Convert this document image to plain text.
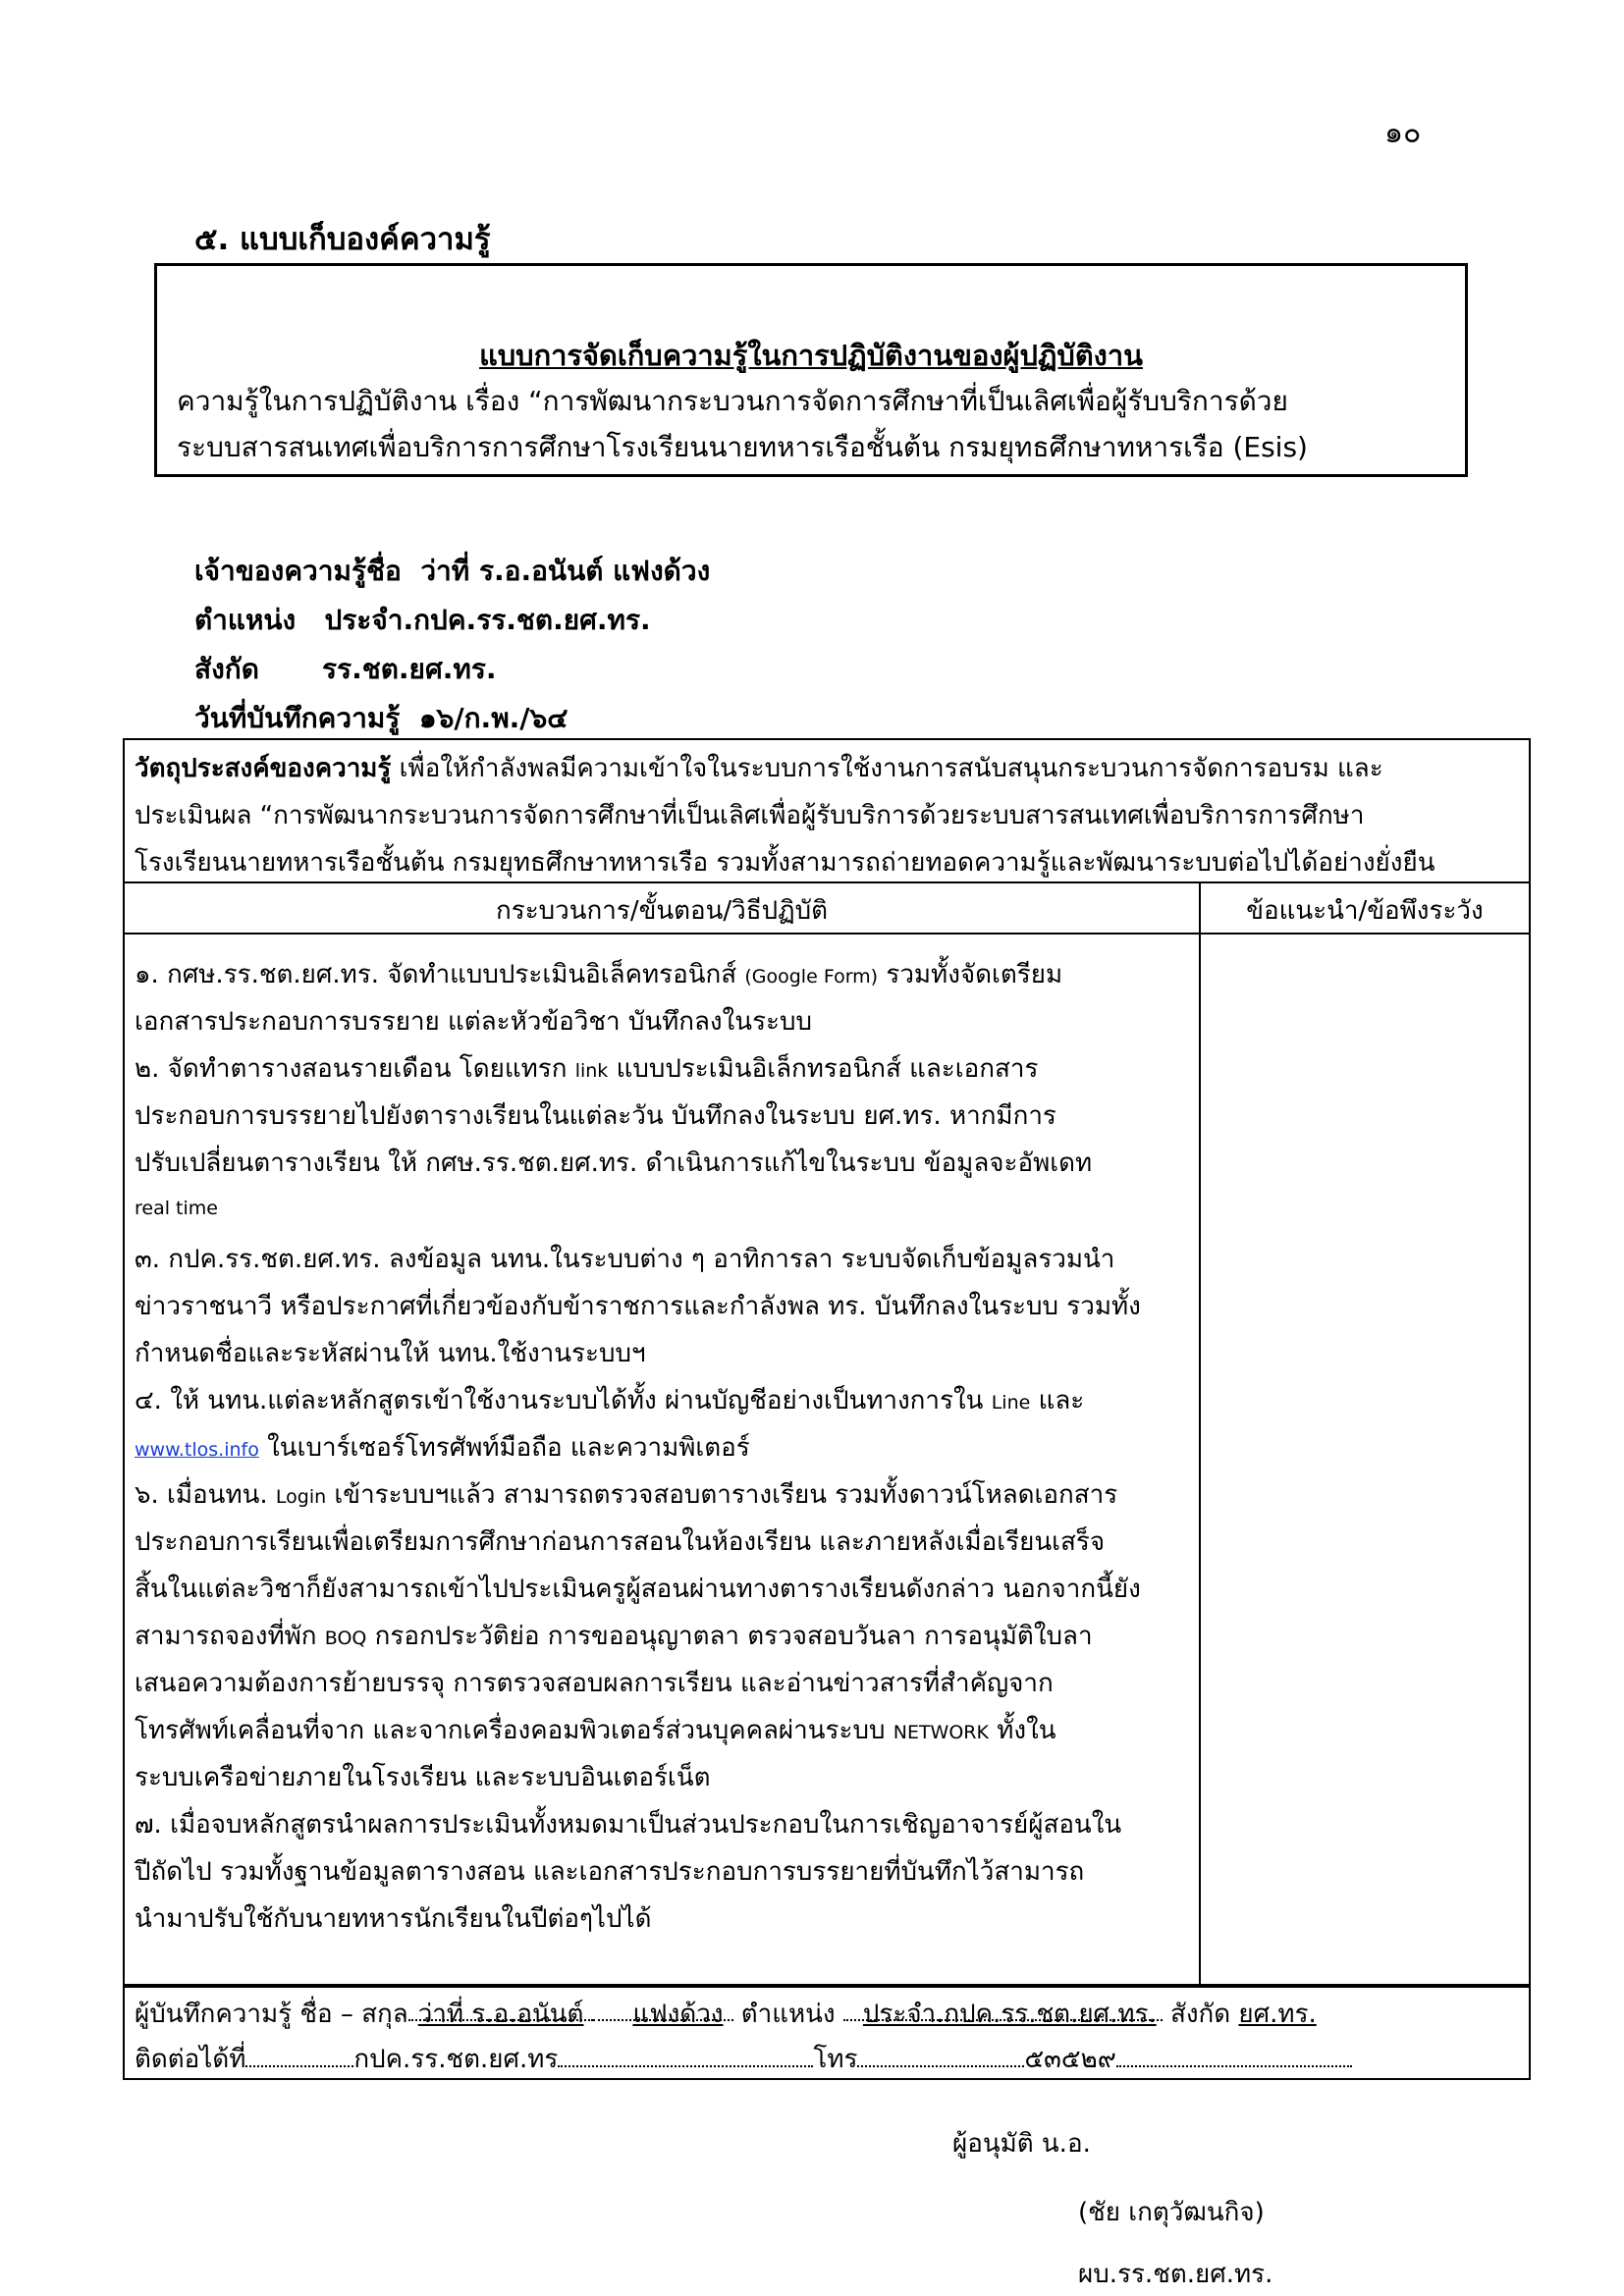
๑๐
๕. แบบเก็บองค์ความรู้
แบบการจัดเก็บความรู้ในการปฏิบัติงานของผู้ปฏิบัติงาน
ความรู้ในการปฏิบัติงาน เรื่อง “การพัฒนากระบวนการจัดการศึกษาที่เป็นเลิศเพื่อผู้รับบริการด้วย
ระบบสารสนเทศเพื่อบริการการศึกษาโรงเรียนนายทหารเรือชั้นต้น กรมยุทธศึกษาทหารเรือ (Esis)
เจ้าของความรู้ชื่อ ว่าที่ ร.อ.อนันต์ แฟงด้วง
ตำแหน่ง ประจำ.กปค.รร.ชต.ยศ.ทร.
สังกัด รร.ชต.ยศ.ทร.
วันที่บันทึกความรู้ ๑๖/ก.พ./๖๔
วัตถุประสงค์ของความรู้ เพื่อให้กำลังพลมีความเข้าใจในระบบการใช้งานการสนับสนุนกระบวนการจัดการอบรม และ
ประเมินผล “การพัฒนากระบวนการจัดการศึกษาที่เป็นเลิศเพื่อผู้รับบริการด้วยระบบสารสนเทศเพื่อบริการการศึกษา
โรงเรียนนายทหารเรือชั้นต้น กรมยุทธศึกษาทหารเรือ รวมทั้งสามารถถ่ายทอดความรู้และพัฒนาระบบต่อไปได้อย่างยั่งยืน
กระบวนการ/ขั้นตอน/วิธีปฏิบัติ	ข้อแนะนำ/ข้อพึงระวัง
๑. กศษ.รร.ชต.ยศ.ทร. จัดทำแบบประเมินอิเล็คทรอนิกส์ (Google Form) รวมทั้งจัดเตรียม
เอกสารประกอบการบรรยาย แต่ละหัวข้อวิชา บันทึกลงในระบบ
๒. จัดทำตารางสอนรายเดือน โดยแทรก link แบบประเมินอิเล็กทรอนิกส์ และเอกสาร
ประกอบการบรรยายไปยังตารางเรียนในแต่ละวัน บันทึกลงในระบบ ยศ.ทร. หากมีการ
ปรับเปลี่ยนตารางเรียน ให้ กศษ.รร.ชต.ยศ.ทร. ดำเนินการแก้ไขในระบบ ข้อมูลจะอัพเดท
real time
๓. กปค.รร.ชต.ยศ.ทร. ลงข้อมูล นทน.ในระบบต่าง ๆ อาทิการลา ระบบจัดเก็บข้อมูลรวมนำ
ข่าวราชนาวี หรือประกาศที่เกี่ยวข้องกับข้าราชการและกำลังพล ทร. บันทึกลงในระบบ รวมทั้ง
กำหนดชื่อและระหัสผ่านให้ นทน.ใช้งานระบบฯ
๔. ให้ นทน.แต่ละหลักสูตรเข้าใช้งานระบบได้ทั้ง ผ่านบัญชีอย่างเป็นทางการใน Line และ
www.tlos.info ในเบาร์เซอร์โทรศัพท์มือถือ และความพิเตอร์
๖. เมื่อนทน. Login เข้าระบบฯแล้ว สามารถตรวจสอบตารางเรียน รวมทั้งดาวน์โหลดเอกสาร
ประกอบการเรียนเพื่อเตรียมการศึกษาก่อนการสอนในห้องเรียน และภายหลังเมื่อเรียนเสร็จ
สิ้นในแต่ละวิชาก็ยังสามารถเข้าไปประเมินครูผู้สอนผ่านทางตารางเรียนดังกล่าว นอกจากนี้ยัง
สามารถจองที่พัก BOQ กรอกประวัติย่อ การขออนุญาตลา ตรวจสอบวันลา การอนุมัติใบลา
เสนอความต้องการย้ายบรรจุ การตรวจสอบผลการเรียน และอ่านข่าวสารที่สำคัญจาก
โทรศัพท์เคลื่อนที่จาก และจากเครื่องคอมพิวเตอร์ส่วนบุคคลผ่านระบบ NETWORK ทั้งใน
ระบบเครือข่ายภายในโรงเรียน และระบบอินเตอร์เน็ต
๗. เมื่อจบหลักสูตรนำผลการประเมินทั้งหมดมาเป็นส่วนประกอบในการเชิญอาจารย์ผู้สอนใน
ปีถัดไป รวมทั้งฐานข้อมูลตารางสอน และเอกสารประกอบการบรรยายที่บันทึกไว้สามารถ
นำมาปรับใช้กับนายทหารนักเรียนในปีต่อๆไปได้
ผู้บันทึกความรู้ ชื่อ – สกุล ว่าที่ ร.อ.อนันต์ แฟงด้วง ตำแหน่ง ประจำ.กปค.รร.ชต.ยศ.ทร. สังกัด ยศ.ทร.
ติดต่อได้ที่	กปค.รร.ชต.ยศ.ทร	โทร	๕๓๕๒๙
ผู้อนุมัติ น.อ.
(ชัย เกตุวัฒนกิจ)
ผบ.รร.ชต.ยศ.ทร.
